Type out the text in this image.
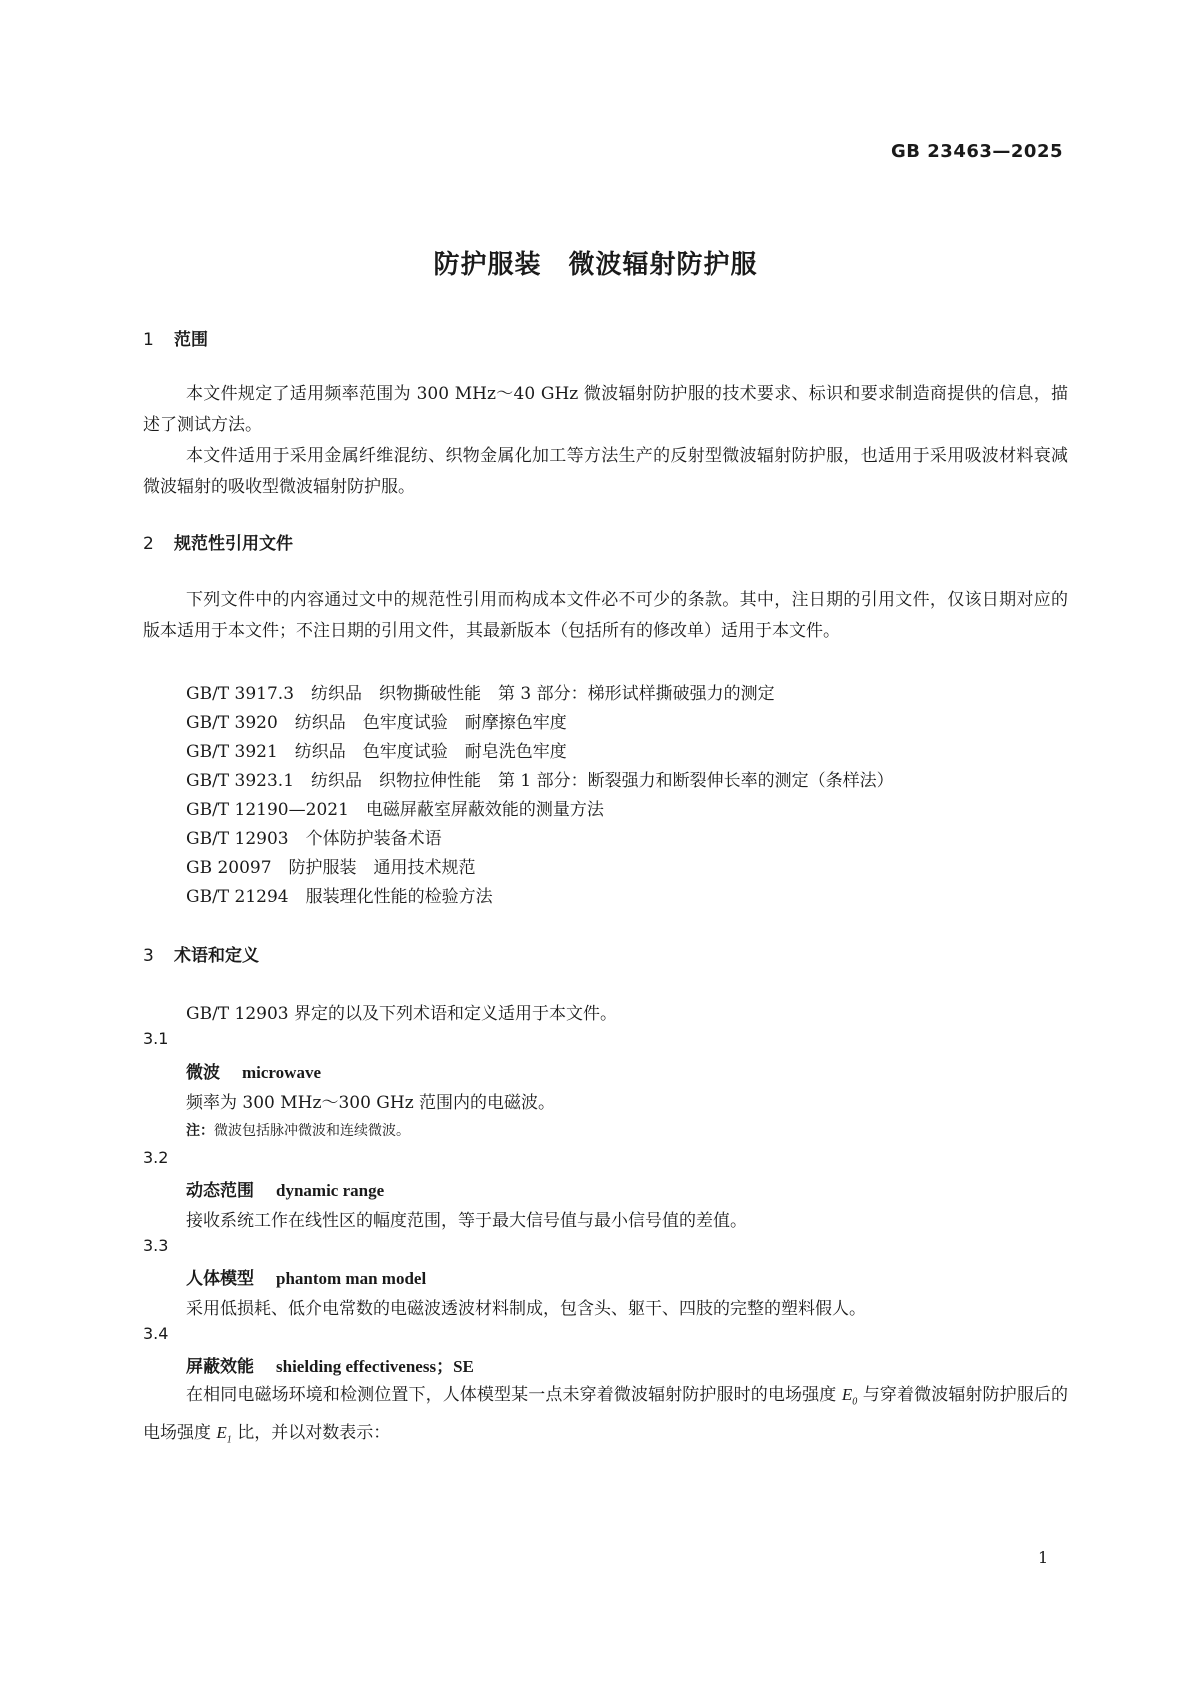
GB 23463—2025
防护服装　微波辐射防护服
1 范围

本文件规定了适用频率范围为 300 MHz～40 GHz 微波辐射防护服的技术要求、标识和要求制造商提供的信息，描述了测试方法。

本文件适用于采用金属纤维混纺、织物金属化加工等方法生产的反射型微波辐射防护服，也适用于采用吸波材料衰减微波辐射的吸收型微波辐射防护服。

2 规范性引用文件

下列文件中的内容通过文中的规范性引用而构成本文件必不可少的条款。其中，注日期的引用文件，仅该日期对应的版本适用于本文件；不注日期的引用文件，其最新版本（包括所有的修改单）适用于本文件。

GB/T 3917.3　纺织品　织物撕破性能　第 3 部分：梯形试样撕破强力的测定
GB/T 3920　纺织品　色牢度试验　耐摩擦色牢度
GB/T 3921　纺织品　色牢度试验　耐皂洗色牢度
GB/T 3923.1　纺织品　织物拉伸性能　第 1 部分：断裂强力和断裂伸长率的测定（条样法）
GB/T 12190—2021　电磁屏蔽室屏蔽效能的测量方法
GB/T 12903　个体防护装备术语
GB 20097　防护服装　通用技术规范
GB/T 21294　服装理化性能的检验方法
3 术语和定义
GB/T 12903 界定的以及下列术语和定义适用于本文件。
3.1
微波 microwave
频率为 300 MHz～300 GHz 范围内的电磁波。
注：微波包括脉冲微波和连续微波。
3.2
动态范围 dynamic range
接收系统工作在线性区的幅度范围，等于最大信号值与最小信号值的差值。
3.3
人体模型 phantom man model
采用低损耗、低介电常数的电磁波透波材料制成，包含头、躯干、四肢的完整的塑料假人。
3.4
屏蔽效能 shielding effectiveness；SE

在相同电磁场环境和检测位置下，人体模型某一点未穿着微波辐射防护服时的电场强度 $E_0$ 与穿着微波辐射防护服后的电场强度 $E_1$ 比，并以对数表示：

1
